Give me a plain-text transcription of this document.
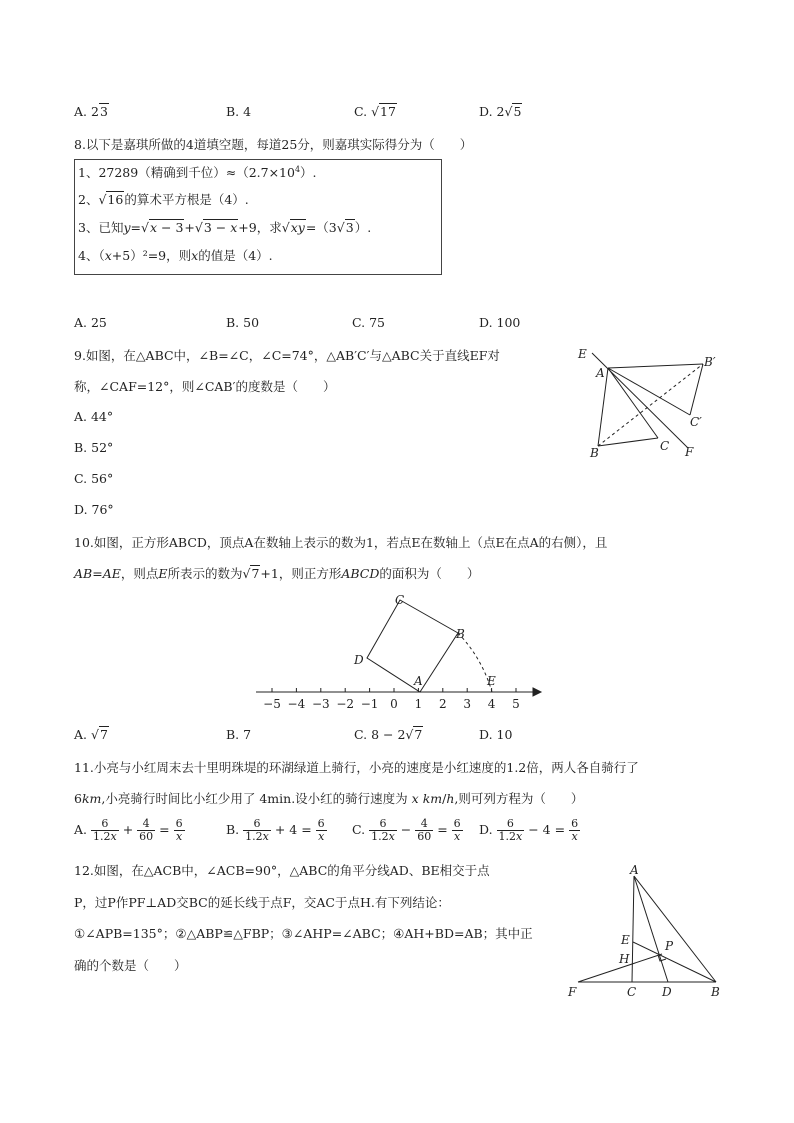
A. 23	B. 4	C. √17	D. 2√5
8.以下是嘉琪所做的4道填空题，每道25分，则嘉琪实际得分为（　　）
1、27289（精确到千位）$\approx(2.7\times 10^4)$.
2、√16的算术平方根是（4）.
3、已知y=√x − 3+√3 − x+9，求√xy=（3√3）.
4、（x+5）²=9，则x的值是（4）.
A. 25	B. 50	C. 75	D. 100
9.如图，在△ABC中，∠B=∠C，∠C=74°，△AB′C′与△ABC关于直线EF对
称，∠CAF=12°，则∠CAB′的度数是（　　）
A. 44°
B. 52°
C. 56°
D. 76°
E
A
B′
C′
B	C F
10.如图，正方形ABCD，顶点A在数轴上表示的数为1，若点E在数轴上（点E在点A的右侧），且
AB=AE，则点E所表示的数为√7+1，则正方形ABCD的面积为（　　）
−5 −4 −3 −2 −1 0 1 2 3 4 5
C
B
D
A	E
A. √7	B. 7	C. 8 − 2√7	D. 10
11.小亮与小红周末去十里明珠堤的环湖绿道上骑行，小亮的速度是小红速度的1.2倍，两人各自骑行了
6km,小亮骑行时间比小红少用了 4min.设小红的骑行速度为 x km/h,则可列方程为（　　）
A. $\frac{6}{1.2x} + \frac{4}{60} = \frac{6}{x}$	B. $\frac{6}{1.2x} + 4 = \frac{6}{x} C$. $\frac{6}{1.2x} - \frac{4}{60} = \frac{6}{x} D$. $\frac{6}{1.2x} - 4 = \frac{6}{x}$
12.如图，在△ACB中，∠ACB=90°，△ABC的角平分线AD、BE相交于点
P，过P作PF⊥AD交BC的延长线于点F，交AC于点H.有下列结论：
①∠APB=135°；②△ABP≌△FBP；③∠AHP=∠ABC；④AH+BD=AB；其中正
确的个数是（　　）
A
E	P
H
F	C D	B
